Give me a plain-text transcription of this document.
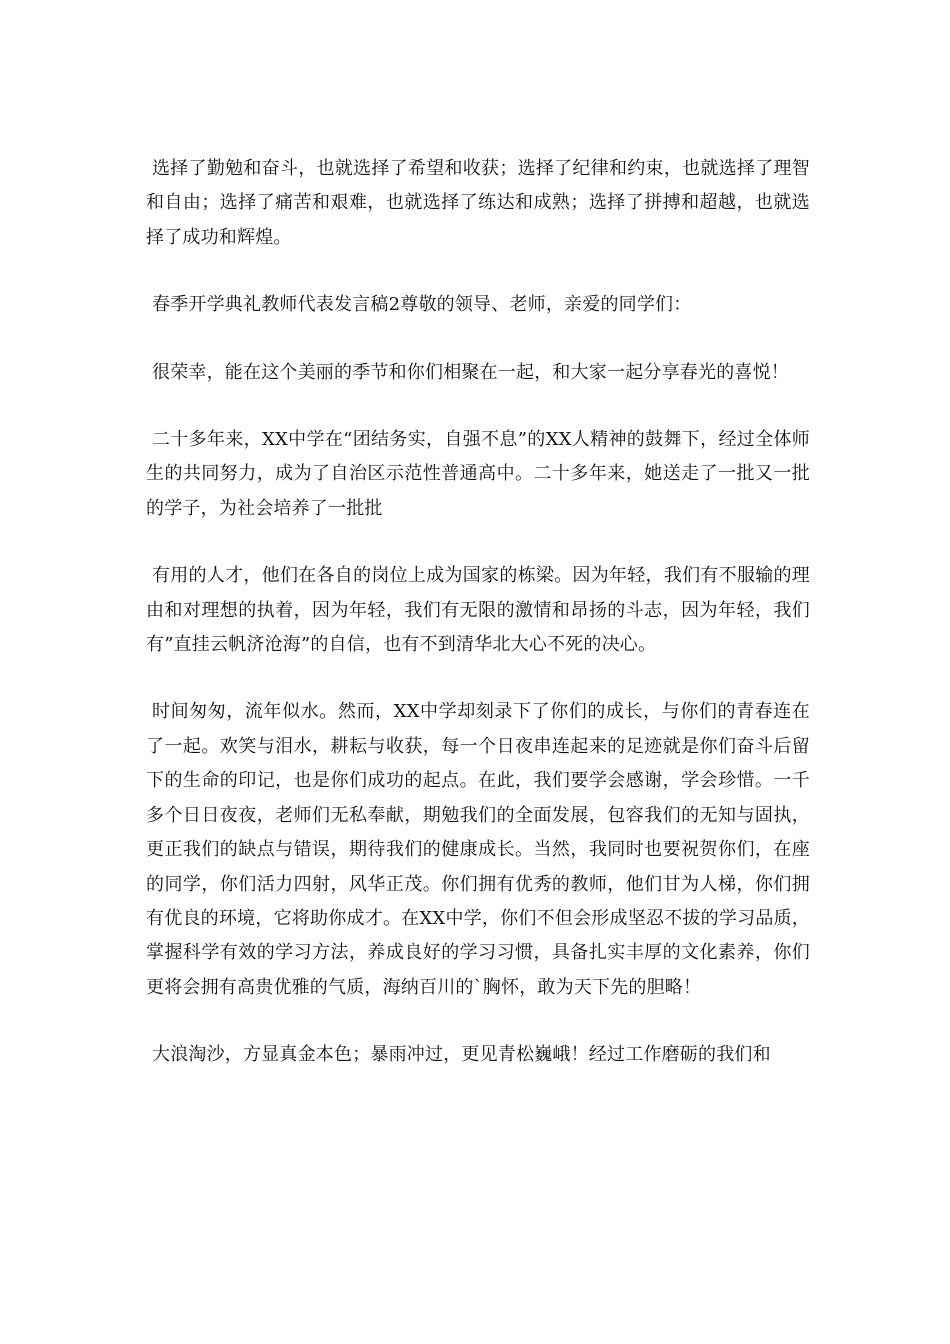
选择了勤勉和奋斗，也就选择了希望和收获；选择了纪律和约束，也就选择了理智和自由；选择了痛苦和艰难，也就选择了练达和成熟；选择了拼搏和超越，也就选择了成功和辉煌。

春季开学典礼教师代表发言稿2尊敬的领导、老师，亲爱的同学们：

很荣幸，能在这个美丽的季节和你们相聚在一起，和大家一起分享春光的喜悦！

二十多年来，XX中学在“团结务实，自强不息”的XX人精神的鼓舞下，经过全体师生的共同努力，成为了自治区示范性普通高中。二十多年来，她送走了一批又一批的学子，为社会培养了一批批

有用的人才，他们在各自的岗位上成为国家的栋梁。因为年轻，我们有不服输的理由和对理想的执着，因为年轻，我们有无限的激情和昂扬的斗志，因为年轻，我们有”直挂云帆济沧海”的自信，也有不到清华北大心不死的决心。

时间匆匆，流年似水。然而，XX中学却刻录下了你们的成长，与你们的青春连在了一起。欢笑与泪水，耕耘与收获，每一个日夜串连起来的足迹就是你们奋斗后留下的生命的印记，也是你们成功的起点。在此，我们要学会感谢，学会珍惜。一千多个日日夜夜，老师们无私奉献，期勉我们的全面发展，包容我们的无知与固执，更正我们的缺点与错误，期待我们的健康成长。当然，我同时也要祝贺你们，在座的同学，你们活力四射，风华正茂。你们拥有优秀的教师，他们甘为人梯，你们拥有优良的环境，它将助你成才。在XX中学，你们不但会形成坚忍不拔的学习品质，掌握科学有效的学习方法，养成良好的学习习惯，具备扎实丰厚的文化素养，你们更将会拥有高贵优雅的气质，海纳百川的`胸怀，敢为天下先的胆略！

大浪淘沙，方显真金本色；暴雨冲过，更见青松巍峨！经过工作磨砺的我们和
